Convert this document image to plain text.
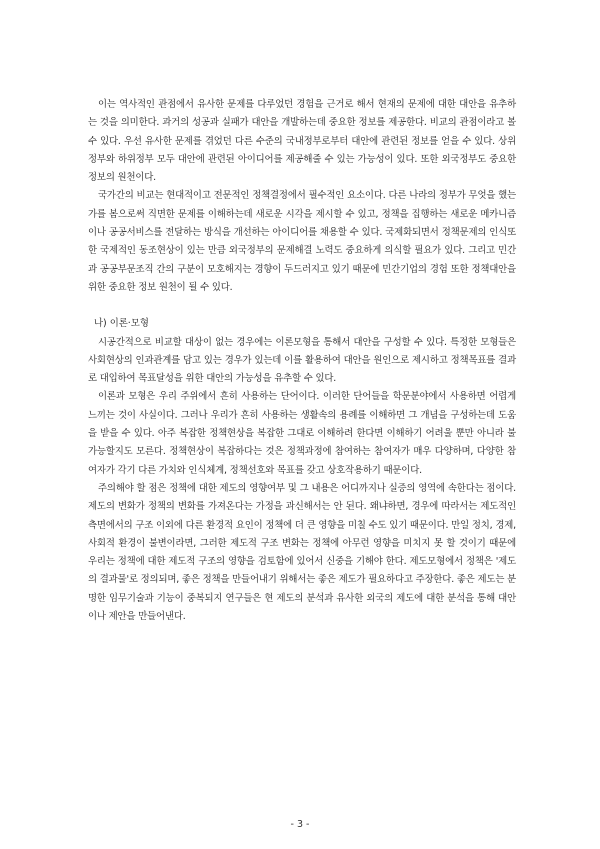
이는 역사적인 관점에서 유사한 문제를 다루었던 경험을 근거로 해서 현재의 문제에 대한 대안을 유추하는 것을 의미한다. 과거의 성공과 실패가 대안을 개발하는데 중요한 정보를 제공한다. 비교의 관점이라고 볼 수 있다. 우선 유사한 문제를 겪었던 다른 수준의 국내정부로부터 대안에 관련된 정보를 얻을 수 있다. 상위정부와 하위정부 모두 대안에 관련된 아이디어를 제공해줄 수 있는 가능성이 있다. 또한 외국정부도 중요한 정보의 원천이다.

국가간의 비교는 현대적이고 전문적인 정책결정에서 필수적인 요소이다. 다른 나라의 정부가 무엇을 했는가를 봄으로써 직면한 문제를 이해하는데 새로운 시각을 제시할 수 있고, 정책을 집행하는 새로운 메카니즘이나 공공서비스를 전달하는 방식을 개선하는 아이디어를 채용할 수 있다. 국제화되면서 정책문제의 인식또한 국제적인 동조현상이 있는 만큼 외국정부의 문제해결 노력도 중요하게 의식할 필요가 있다. 그리고 민간과 공공부문조직 간의 구분이 모호해지는 경향이 두드러지고 있기 때문에 민간기업의 경험 또한 정책대안을 위한 중요한 정보 원천이 될 수 있다.

나) 이론·모형

시공간적으로 비교할 대상이 없는 경우에는 이론모형을 통해서 대안을 구성할 수 있다. 특정한 모형들은 사회현상의 인과관계를 담고 있는 경우가 있는데 이를 활용하여 대안을 원인으로 제시하고 정책목표를 결과로 대입하여 목표달성을 위한 대안의 가능성을 유추할 수 있다.

이론과 모형은 우리 주위에서 흔히 사용하는 단어이다. 이러한 단어들을 학문분야에서 사용하면 어렵게 느끼는 것이 사실이다. 그러나 우리가 흔히 사용하는 생활속의 용례를 이해하면 그 개념을 구성하는데 도움을 받을 수 있다. 아주 복잡한 정책현상을 복잡한 그대로 이해하려 한다면 이해하기 어려울 뿐만 아니라 불가능할지도 모른다. 정책현상이 복잡하다는 것은 정책과정에 참여하는 참여자가 매우 다양하며, 다양한 참여자가 각기 다른 가치와 인식체계, 정책선호와 목표를 갖고 상호작용하기 때문이다.

주의해야 할 점은 정책에 대한 제도의 영향여부 및 그 내용은 어디까지나 실증의 영역에 속한다는 점이다. 제도의 변화가 정책의 변화를 가져온다는 가정을 과신해서는 안 된다. 왜냐하면, 경우에 따라서는 제도적인 측면에서의 구조 이외에 다른 환경적 요인이 정책에 더 큰 영향을 미칠 수도 있기 때문이다. 만일 정치, 경제, 사회적 환경이 불변이라면, 그러한 제도적 구조 변화는 정책에 아무런 영향을 미치지 못 할 것이기 때문에 우리는 정책에 대한 제도적 구조의 영향을 검토함에 있어서 신중을 기해야 한다. 제도모형에서 정책은 '제도의 결과물'로 정의되며, 좋은 정책을 만들어내기 위해서는 좋은 제도가 필요하다고 주장한다. 좋은 제도는 분명한 임무기술과 기능이 중복되지 연구들은 현 제도의 분석과 유사한 외국의 제도에 대한 분석을 통해 대안이나 제안을 만들어낸다.

- 3 -
